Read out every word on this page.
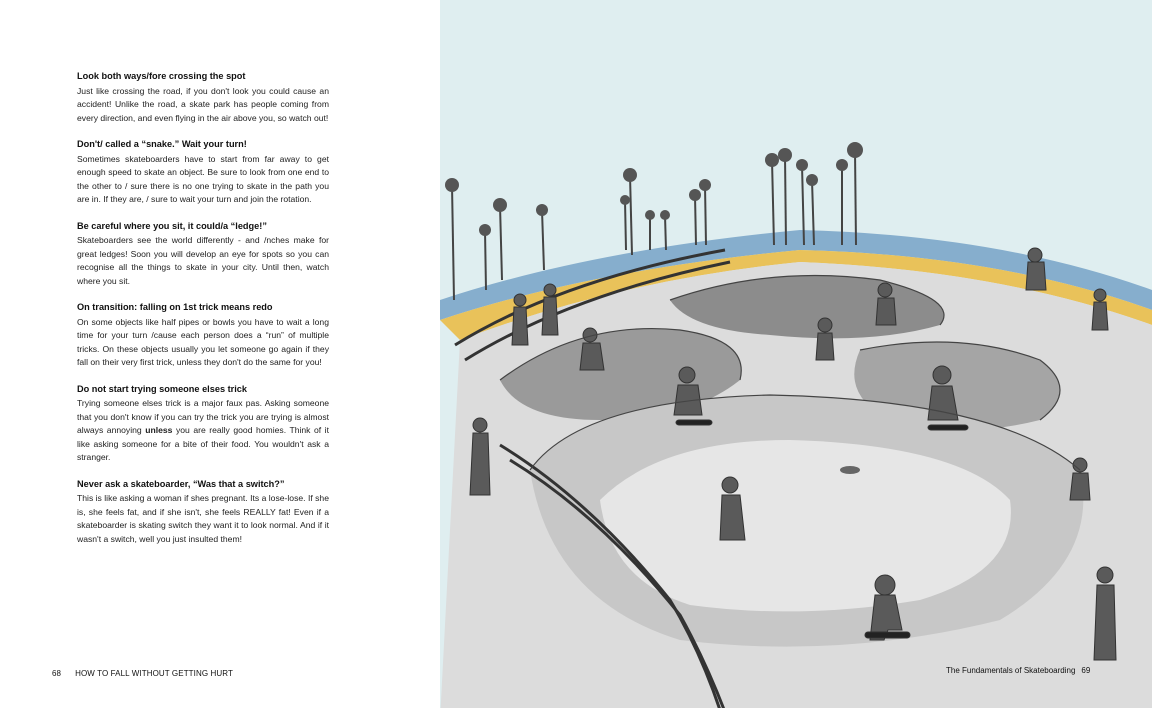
Look both ways/fore crossing the spot

Just like crossing the road, if you don't look you could cause an accident! Unlike the road, a skate park has people coming from every direction, and even flying in the air above you, so watch out!

Don't/ called a “snake.” Wait your turn!

Sometimes skateboarders have to start from far away to get enough speed to skate an object. Be sure to look from one end to the other to / sure there is no one trying to skate in the path you are in. If they are, / sure to wait your turn and join the rotation.

Be careful where you sit, it could/a “ledge!”

Skateboarders see the world differently - and /nches make for great ledges! Soon you will develop an eye for spots so you can recognise all the things to skate in your city. Until then, watch where you sit.

On transition: falling on 1st trick means redo

On some objects like half pipes or bowls you have to wait a long time for your turn /cause each person does a “run” of multiple tricks. On these objects usually you let someone go again if they fall on their very first trick, unless they don't do the same for you!

Do not start trying someone elses trick

Trying someone elses trick is a major faux pas. Asking someone that you don't know if you can try the trick you are trying is almost always annoying unless you are really good homies. Think of it like asking someone for a bite of their food. You wouldn't ask a stranger.

Never ask a skateboarder, “Was that a switch?”

This is like asking a woman if shes pregnant. Its a lose-lose. If she is, she feels fat, and if she isn't, she feels REALLY fat! Even if a skateboarder is skating switch they want it to look normal. And if it wasn't a switch, well you just insulted them!

68 HOW TO FALL WITHOUT GETTING HURT	The Fundamentals of Skateboarding 69
